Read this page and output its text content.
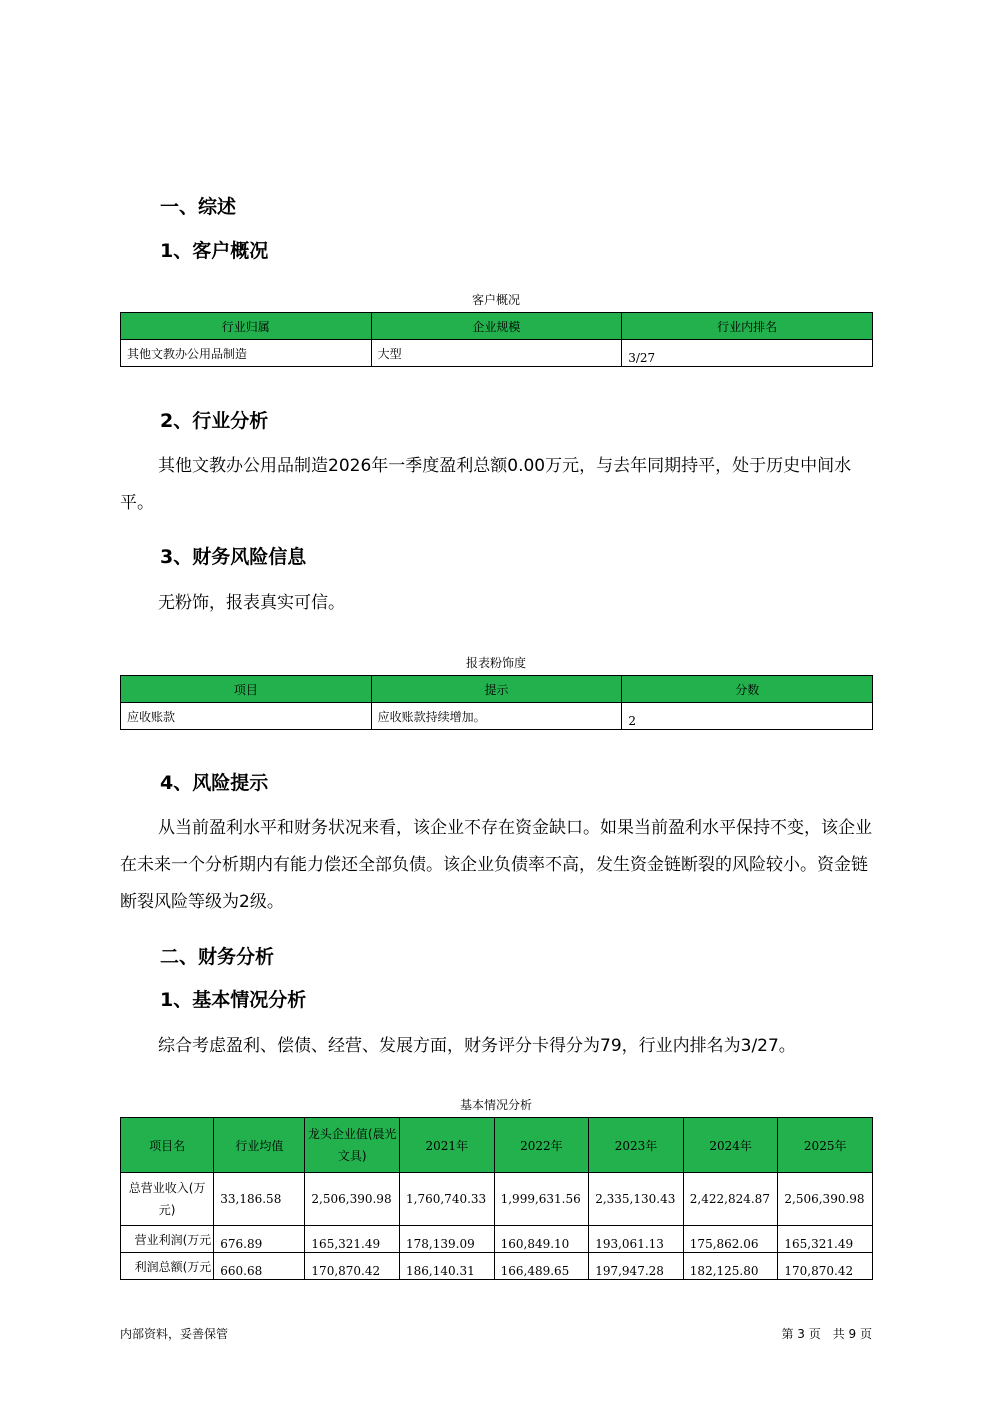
一、综述
1、客户概况
客户概况
行业归属	企业规模	行业内排名
其他文教办公用品制造	大型	3/27
2、行业分析
其他文教办公用品制造2026年一季度盈利总额0.00万元，与去年同期持平，处于历史中间水平。
3、财务风险信息
无粉饰，报表真实可信。
报表粉饰度
项目	提示	分数
应收账款	应收账款持续增加。	2
4、风险提示
从当前盈利水平和财务状况来看，该企业不存在资金缺口。如果当前盈利水平保持不变，该企业在未来一个分析期内有能力偿还全部负债。该企业负债率不高，发生资金链断裂的风险较小。资金链断裂风险等级为2级。
二、财务分析
1、基本情况分析
综合考虑盈利、偿债、经营、发展方面，财务评分卡得分为79，行业内排名为3/27。
基本情况分析
项目名	行业均值	龙头企业值(晨光文具)	2021年	2022年	2023年	2024年	2025年
总营业收入(万元)	33,186.58	2,506,390.98	1,760,740.33	1,999,631.56	2,335,130.43	2,422,824.87	2,506,390.98
营业利润(万元	676.89	165,321.49	178,139.09	160,849.10	193,061.13	175,862.06	165,321.49
利润总额(万元	660.68	170,870.42	186,140.31	166,489.65	197,947.28	182,125.80	170,870.42
内部资料，妥善保管	第 3 页　共 9 页
